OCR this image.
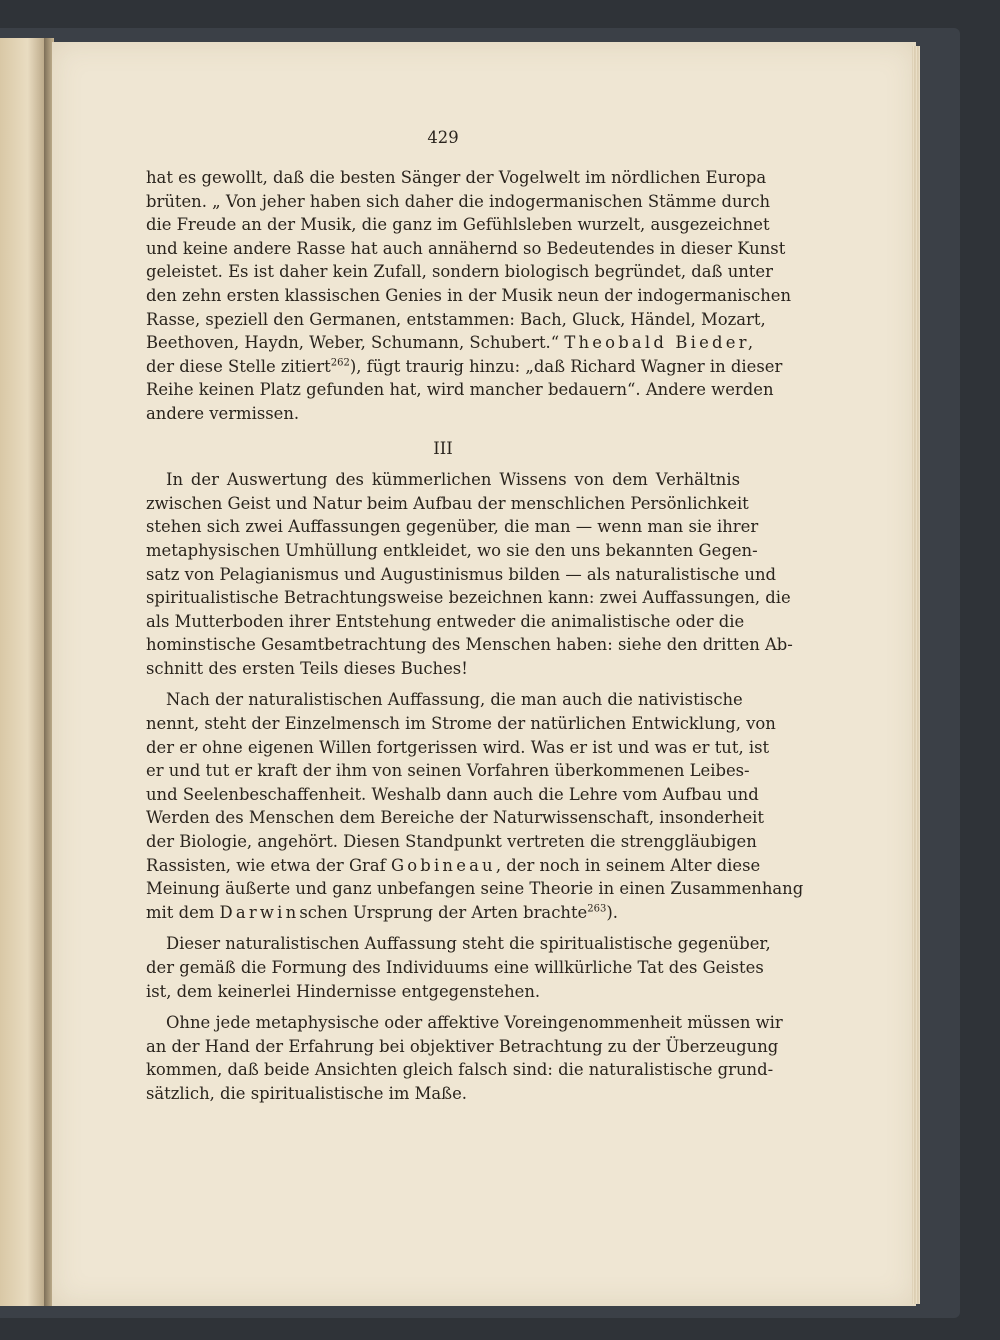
429
hat es gewollt, daß die besten Sänger der Vogelwelt im nördlichen Europa
brüten. „ Von jeher haben sich daher die indogermanischen Stämme durch
die Freude an der Musik, die ganz im Gefühlsleben wurzelt, ausgezeichnet
und keine andere Rasse hat auch annähernd so Bedeutendes in dieser Kunst
geleistet. Es ist daher kein Zufall, sondern biologisch begründet, daß unter
den zehn ersten klassischen Genies in der Musik neun der indogermanischen
Rasse, speziell den Germanen, entstammen: Bach, Gluck, Händel, Mozart,
Beethoven, Haydn, Weber, Schumann, Schubert.“ Theobald Bieder,
der diese Stelle zitiert$^{262}$), fügt traurig hinzu: „daß Richard Wagner in dieser
Reihe keinen Platz gefunden hat, wird mancher bedauern“. Andere werden
andere vermissen.
III
In der Auswertung des kümmerlichen Wissens von dem Verhältnis
zwischen Geist und Natur beim Aufbau der menschlichen Persönlichkeit
stehen sich zwei Auffassungen gegenüber, die man — wenn man sie ihrer
metaphysischen Umhüllung entkleidet, wo sie den uns bekannten Gegen-
satz von Pelagianismus und Augustinismus bilden — als naturalistische und
spiritualistische Betrachtungsweise bezeichnen kann: zwei Auffassungen, die
als Mutterboden ihrer Entstehung entweder die animalistische oder die
hominstische Gesamtbetrachtung des Menschen haben: siehe den dritten Ab-
schnitt des ersten Teils dieses Buches!
Nach der naturalistischen Auffassung, die man auch die nativistische
nennt, steht der Einzelmensch im Strome der natürlichen Entwicklung, von
der er ohne eigenen Willen fortgerissen wird. Was er ist und was er tut, ist
er und tut er kraft der ihm von seinen Vorfahren überkommenen Leibes-
und Seelenbeschaffenheit. Weshalb dann auch die Lehre vom Aufbau und
Werden des Menschen dem Bereiche der Naturwissenschaft, insonderheit
der Biologie, angehört. Diesen Standpunkt vertreten die strenggläubigen
Rassisten, wie etwa der Graf Gobineau, der noch in seinem Alter diese
Meinung äußerte und ganz unbefangen seine Theorie in einen Zusammenhang
mit dem Darwinschen Ursprung der Arten brachte$^{263}$).
Dieser naturalistischen Auffassung steht die spiritualistische gegenüber,
der gemäß die Formung des Individuums eine willkürliche Tat des Geistes
ist, dem keinerlei Hindernisse entgegenstehen.
Ohne jede metaphysische oder affektive Voreingenommenheit müssen wir
an der Hand der Erfahrung bei objektiver Betrachtung zu der Überzeugung
kommen, daß beide Ansichten gleich falsch sind: die naturalistische grund-
sätzlich, die spiritualistische im Maße.
